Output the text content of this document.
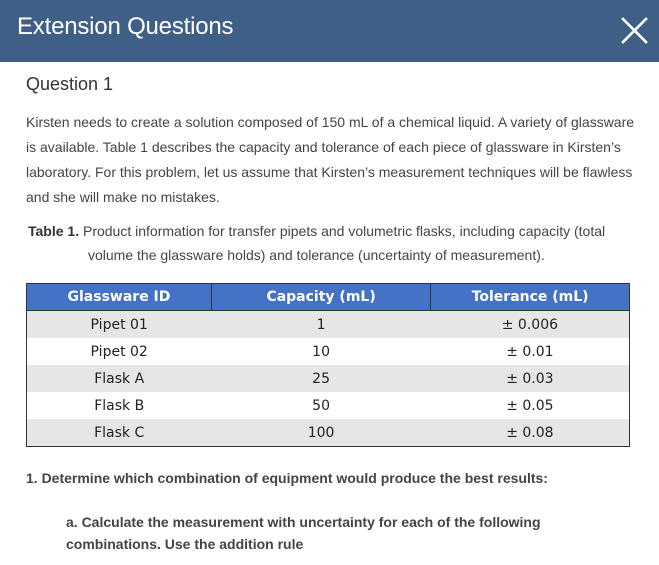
Extension Questions
Question 1
Kirsten needs to create a solution composed of 150 mL of a chemical liquid. A variety of glassware is available. Table 1 describes the capacity and tolerance of each piece of glassware in Kirsten’s laboratory. For this problem, let us assume that Kirsten’s measurement techniques will be flawless and she will make no mistakes.
Table 1. Product information for transfer pipets and volumetric flasks, including capacity (total
volume the glassware holds) and tolerance (uncertainty of measurement).
Glassware ID	Capacity (mL)	Tolerance (mL)
Pipet 01	1	± 0.006
Pipet 02	10	± 0.01
Flask A	25	± 0.03
Flask B	50	± 0.05
Flask C	100	± 0.08
1. Determine which combination of equipment would produce the best results:
a. Calculate the measurement with uncertainty for each of the following combinations. Use the addition rule
